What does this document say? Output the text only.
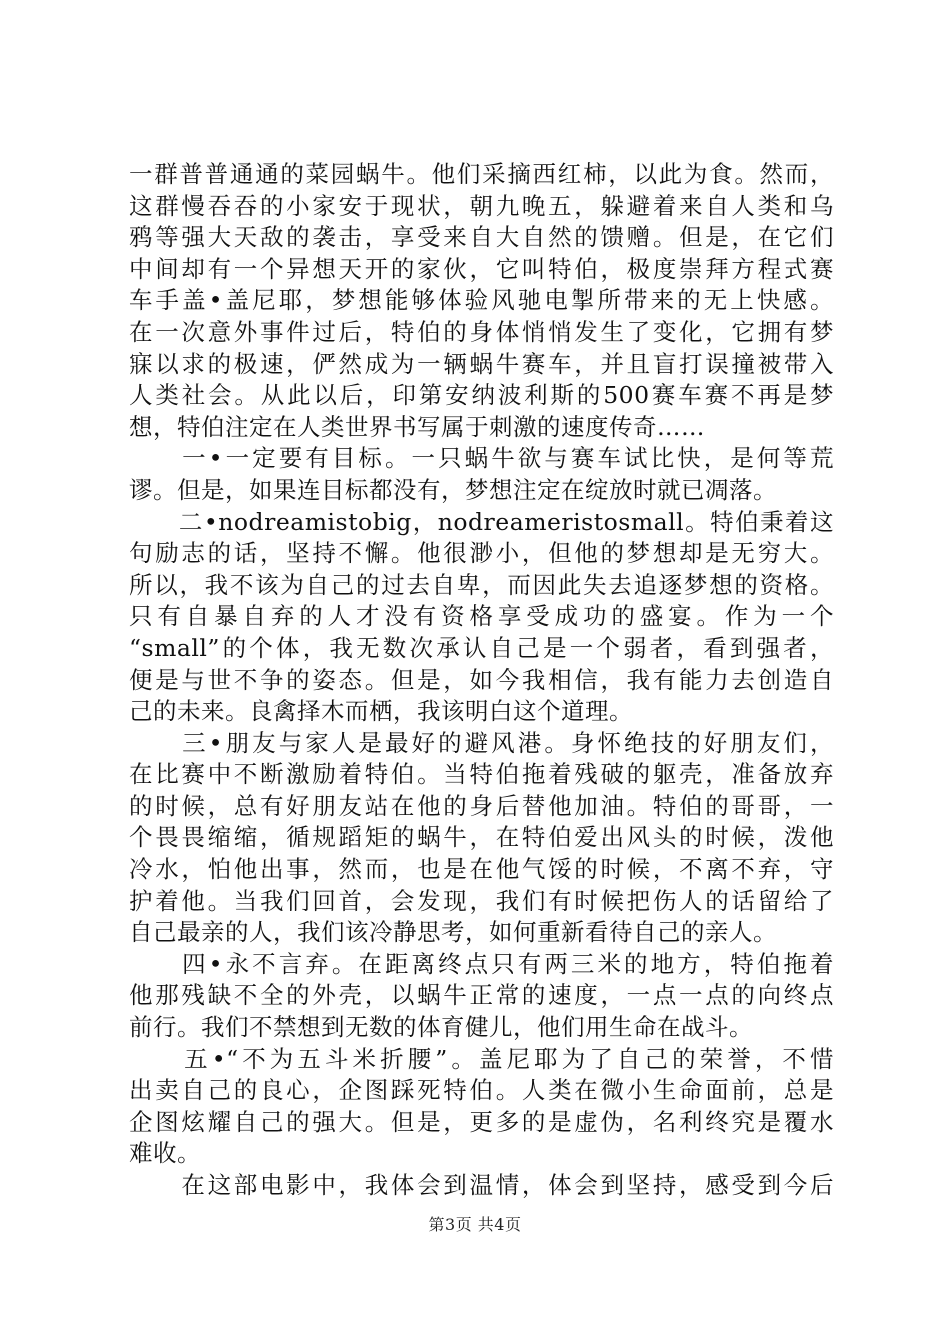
一群普普通通的菜园蜗牛。他们采摘西红柿，以此为食。然而，
这群慢吞吞的小家安于现状，朝九晚五，躲避着来自人类和乌
鸦等强大天敌的袭击，享受来自大自然的馈赠。但是，在它们
中间却有一个异想天开的家伙，它叫特伯，极度崇拜方程式赛
车手盖•盖尼耶，梦想能够体验风驰电掣所带来的无上快感。
在一次意外事件过后，特伯的身体悄悄发生了变化，它拥有梦
寐以求的极速，俨然成为一辆蜗牛赛车，并且盲打误撞被带入
人类社会。从此以后，印第安纳波利斯的500赛车赛不再是梦
想，特伯注定在人类世界书写属于刺激的速度传奇……
　　一•一定要有目标。一只蜗牛欲与赛车试比快，是何等荒
谬。但是，如果连目标都没有，梦想注定在绽放时就已凋落。
　　二•nodreamistobig，nodreameristosmall。特伯秉着这
句励志的话，坚持不懈。他很渺小，但他的梦想却是无穷大。
所以，我不该为自己的过去自卑，而因此失去追逐梦想的资格。
只有自暴自弃的人才没有资格享受成功的盛宴。作为一个
“small”的个体，我无数次承认自己是一个弱者，看到强者，
便是与世不争的姿态。但是，如今我相信，我有能力去创造自
己的未来。良禽择木而栖，我该明白这个道理。
　　三•朋友与家人是最好的避风港。身怀绝技的好朋友们，
在比赛中不断激励着特伯。当特伯拖着残破的躯壳，准备放弃
的时候，总有好朋友站在他的身后替他加油。特伯的哥哥，一
个畏畏缩缩，循规蹈矩的蜗牛，在特伯爱出风头的时候，泼他
冷水，怕他出事，然而，也是在他气馁的时候，不离不弃，守
护着他。当我们回首，会发现，我们有时候把伤人的话留给了
自己最亲的人，我们该冷静思考，如何重新看待自己的亲人。
　　四•永不言弃。在距离终点只有两三米的地方，特伯拖着
他那残缺不全的外壳，以蜗牛正常的速度，一点一点的向终点
前行。我们不禁想到无数的体育健儿，他们用生命在战斗。
　　五•“不为五斗米折腰”。盖尼耶为了自己的荣誉，不惜
出卖自己的良心，企图踩死特伯。人类在微小生命面前，总是
企图炫耀自己的强大。但是，更多的是虚伪，名利终究是覆水
难收。
　　在这部电影中，我体会到温情，体会到坚持，感受到今后
第3页 共4页
